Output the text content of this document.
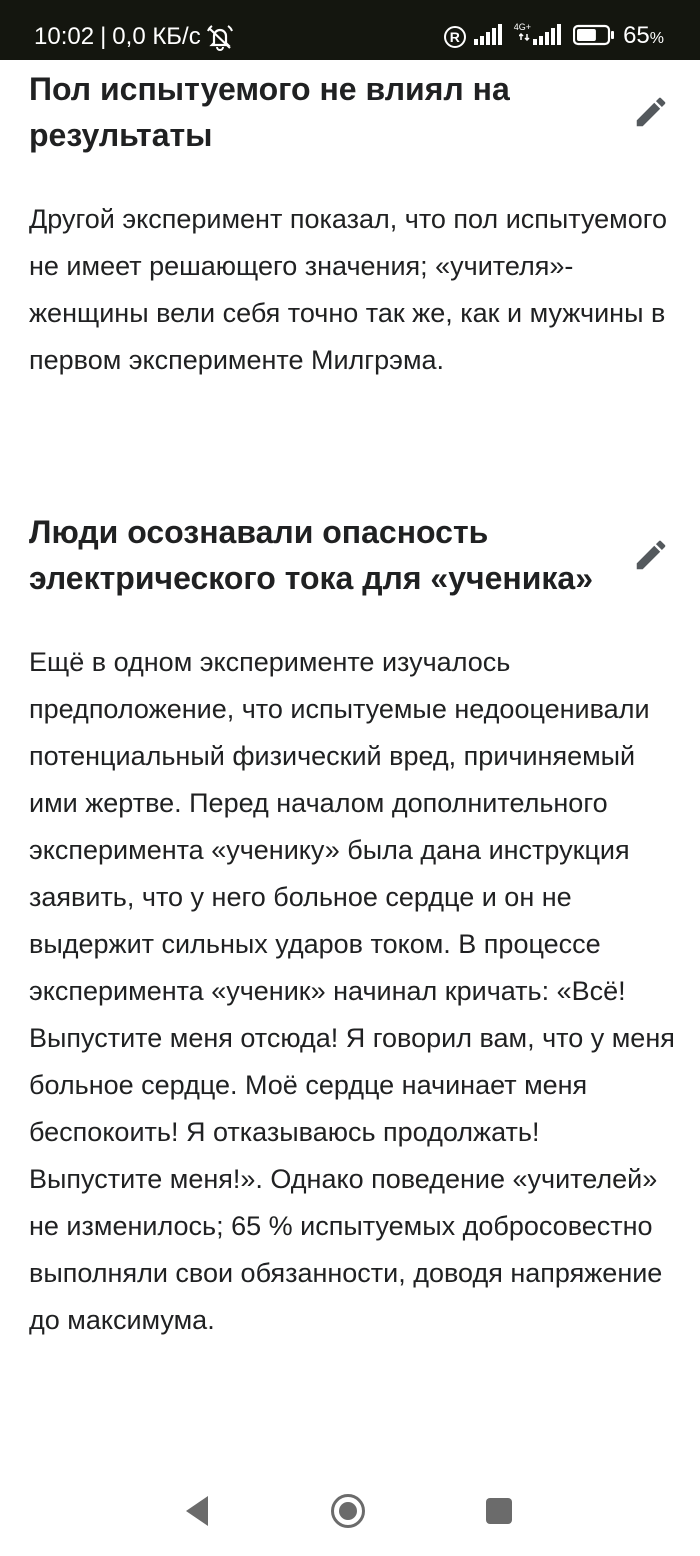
10:02 | 0,0 КБ/с	R
4G+	65%
Пол испытуемого не влиял на результаты

Другой эксперимент показал, что пол испытуемого не имеет решающего значения; «учителя»-женщины вели себя точно так же, как и мужчины в первом эксперименте Милгрэма.

Люди осознавали опасность электрического тока для «ученика»

Ещё в одном эксперименте изучалось предположение, что испытуемые недооценивали потенциальный физический вред, причиняемый ими жертве. Перед началом дополнительного эксперимента «ученику» была дана инструкция заявить, что у него больное сердце и он не выдержит сильных ударов током. В процессе эксперимента «ученик» начинал кричать: «Всё! Выпустите меня отсюда! Я говорил вам, что у меня больное сердце. Моё сердце начинает меня беспокоить! Я отказываюсь продолжать! Выпустите меня!». Однако поведение «учителей» не изменилось; 65 % испытуемых добросовестно выполняли свои обязанности, доводя напряжение до максимума.
